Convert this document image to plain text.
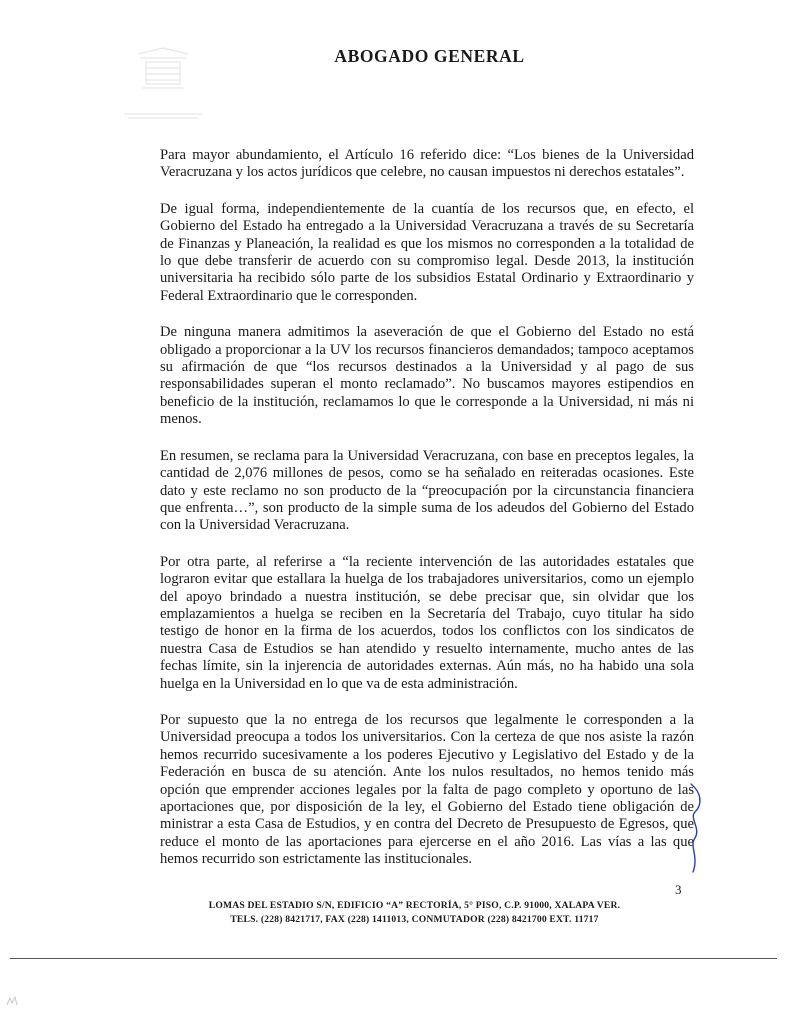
ABOGADO GENERAL

Para mayor abundamiento, el Artículo 16 referido dice: “Los bienes de la Universidad Veracruzana y los actos jurídicos que celebre, no causan impuestos ni derechos estatales”.

De igual forma, independientemente de la cuantía de los recursos que, en efecto, el Gobierno del Estado ha entregado a la Universidad Veracruzana a través de su Secretaría de Finanzas y Planeación, la realidad es que los mismos no corresponden a la totalidad de lo que debe transferir de acuerdo con su compromiso legal. Desde 2013, la institución universitaria ha recibido sólo parte de los subsidios Estatal Ordinario y Extraordinario y Federal Extraordinario que le corresponden.

De ninguna manera admitimos la aseveración de que el Gobierno del Estado no está obligado a proporcionar a la UV los recursos financieros demandados; tampoco aceptamos su afirmación de que “los recursos destinados a la Universidad y al pago de sus responsabilidades superan el monto reclamado”. No buscamos mayores estipendios en beneficio de la institución, reclamamos lo que le corresponde a la Universidad, ni más ni menos.

En resumen, se reclama para la Universidad Veracruzana, con base en preceptos legales, la cantidad de 2,076 millones de pesos, como se ha señalado en reiteradas ocasiones. Este dato y este reclamo no son producto de la “preocupación por la circunstancia financiera que enfrenta…”, son producto de la simple suma de los adeudos del Gobierno del Estado con la Universidad Veracruzana.

Por otra parte, al referirse a “la reciente intervención de las autoridades estatales que lograron evitar que estallara la huelga de los trabajadores universitarios, como un ejemplo del apoyo brindado a nuestra institución, se debe precisar que, sin olvidar que los emplazamientos a huelga se reciben en la Secretaría del Trabajo, cuyo titular ha sido testigo de honor en la firma de los acuerdos, todos los conflictos con los sindicatos de nuestra Casa de Estudios se han atendido y resuelto internamente, mucho antes de las fechas límite, sin la injerencia de autoridades externas. Aún más, no ha habido una sola huelga en la Universidad en lo que va de esta administración.

Por supuesto que la no entrega de los recursos que legalmente le corresponden a la Universidad preocupa a todos los universitarios. Con la certeza de que nos asiste la razón hemos recurrido sucesivamente a los poderes Ejecutivo y Legislativo del Estado y de la Federación en busca de su atención. Ante los nulos resultados, no hemos tenido más opción que emprender acciones legales por la falta de pago completo y oportuno de las aportaciones que, por disposición de la ley, el Gobierno del Estado tiene obligación de ministrar a esta Casa de Estudios, y en contra del Decreto de Presupuesto de Egresos, que reduce el monto de las aportaciones para ejercerse en el año 2016. Las vías a las que hemos recurrido son estrictamente las institucionales.

3
LOMAS DEL ESTADIO S/N, EDIFICIO “A” RECTORÍA, 5° PISO, C.P. 91000, XALAPA VER.
TELS. (228) 8421717, FAX (228) 1411013, CONMUTADOR (228) 8421700 EXT. 11717
